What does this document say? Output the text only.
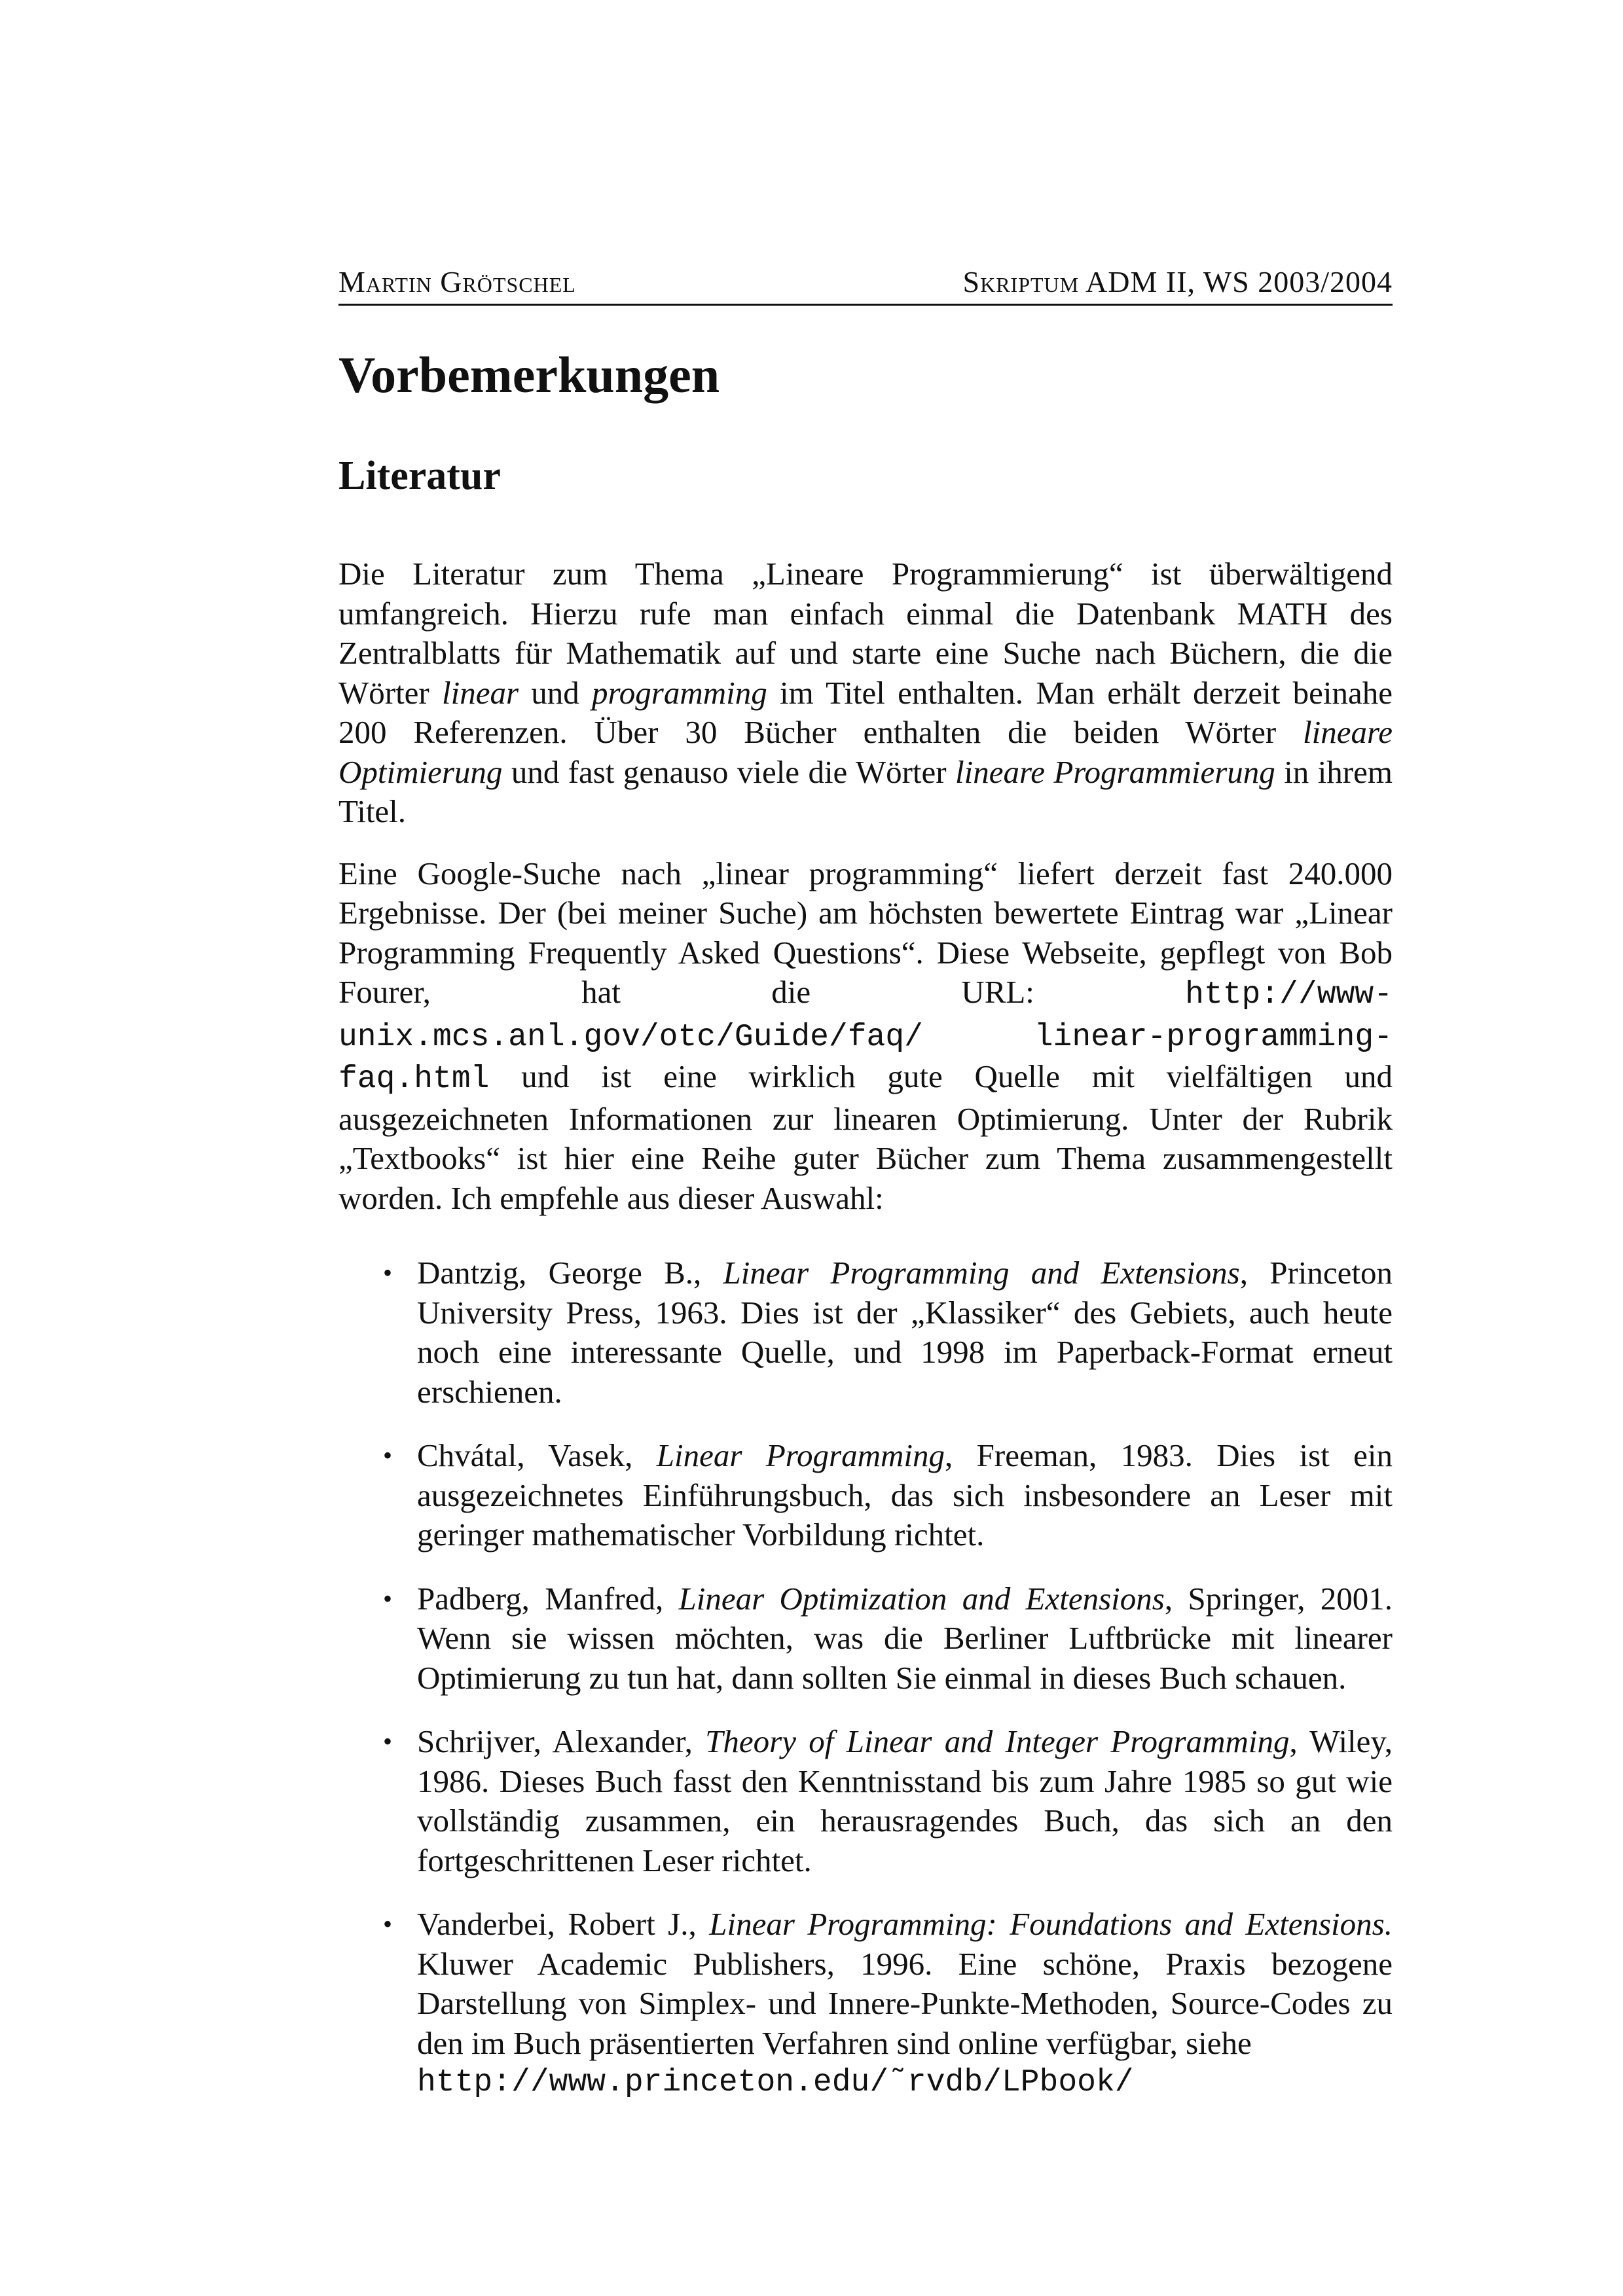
Martin Grötschel	Skriptum ADM II, WS 2003/2004
Vorbemerkungen
Literatur

Die Literatur zum Thema „Lineare Programmierung“ ist überwältigend umfangreich. Hierzu rufe man einfach einmal die Datenbank MATH des Zentralblatts für Mathematik auf und starte eine Suche nach Büchern, die die Wörter linear und programming im Titel enthalten. Man erhält derzeit beinahe 200 Referenzen. Über 30 Bücher enthalten die beiden Wörter lineare Optimierung und fast genauso viele die Wörter lineare Programmierung in ihrem Titel.

Eine Google-Suche nach „linear programming“ liefert derzeit fast 240.000 Ergebnisse. Der (bei meiner Suche) am höchsten bewertete Eintrag war „Linear Programming Frequently Asked Questions“. Diese Webseite, gepflegt von Bob Fourer, hat die URL: http://www-unix.mcs.anl.gov/otc/Guide/faq/	linear-programming-faq.html und ist eine wirklich gute Quelle mit vielfältigen und ausgezeichneten Informationen zur linearen Optimierung. Unter der Rubrik „Textbooks“ ist hier eine Reihe guter Bücher zum Thema zusammengestellt worden. Ich empfehle aus dieser Auswahl:

• Dantzig, George B., Linear Programming and Extensions, Princeton University Press, 1963. Dies ist der „Klassiker“ des Gebiets, auch heute noch eine interessante Quelle, und 1998 im Paperback-Format erneut erschienen.
• Chvátal, Vasek, Linear Programming, Freeman, 1983. Dies ist ein ausgezeichnetes Einführungsbuch, das sich insbesondere an Leser mit geringer mathematischer Vorbildung richtet.
• Padberg, Manfred, Linear Optimization and Extensions, Springer, 2001. Wenn sie wissen möchten, was die Berliner Luftbrücke mit linearer Optimierung zu tun hat, dann sollten Sie einmal in dieses Buch schauen.
• Schrijver, Alexander, Theory of Linear and Integer Programming, Wiley, 1986. Dieses Buch fasst den Kenntnisstand bis zum Jahre 1985 so gut wie vollständig zusammen, ein herausragendes Buch, das sich an den fortgeschrittenen Leser richtet.
• Vanderbei, Robert J., Linear Programming: Foundations and Extensions. Kluwer Academic Publishers, 1996. Eine schöne, Praxis bezogene Darstellung von Simplex- und Innere-Punkte-Methoden, Source-Codes zu den im Buch präsentierten Verfahren sind online verfügbar, siehe
http://www.princeton.edu/˜rvdb/LPbook/
